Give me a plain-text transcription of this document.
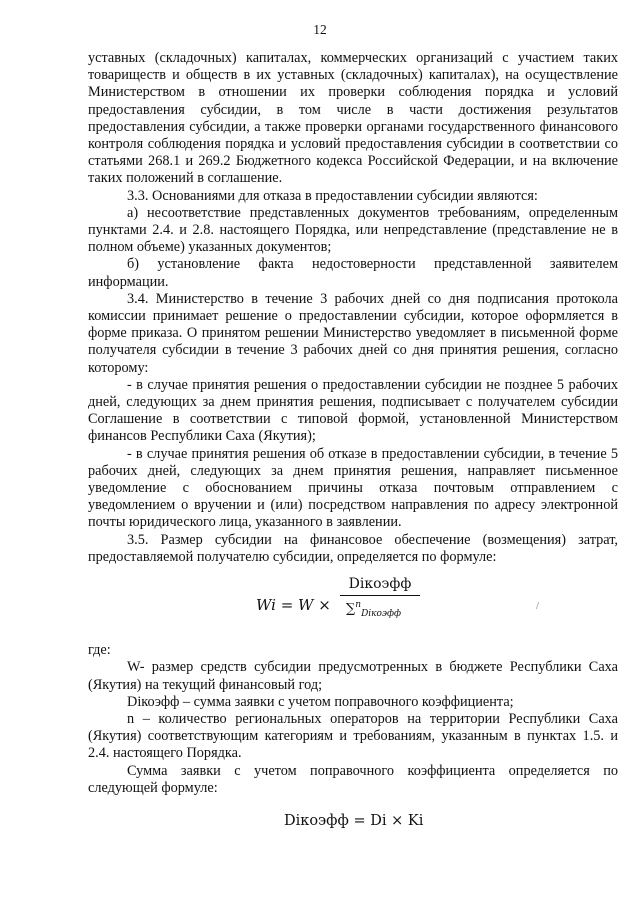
12

уставных (складочных) капиталах, коммерческих организаций с участием таких товариществ и обществ в их уставных (складочных) капиталах), на осуществление Министерством в отношении их проверки соблюдения порядка и условий предоставления субсидии, в том числе в части достижения результатов предоставления субсидии, а также проверки органами государственного финансового контроля соблюдения порядка и условий предоставления субсидии в соответствии со статьями 268.1 и 269.2 Бюджетного кодекса Российской Федерации, и на включение таких положений в соглашение.

3.3. Основаниями для отказа в предоставлении субсидии являются:

а) несоответствие представленных документов требованиям, определенным пунктами 2.4. и 2.8. настоящего Порядка, или непредставление (представление не в полном объеме) указанных документов;

б) установление факта недостоверности представленной заявителем информации.

3.4. Министерство в течение 3 рабочих дней со дня подписания протокола комиссии принимает решение о предоставлении субсидии, которое оформляется в форме приказа. О принятом решении Министерство уведомляет в письменной форме получателя субсидии в течение 3 рабочих дней со дня принятия решения, согласно которому:

- в случае принятия решения о предоставлении субсидии не позднее 5 рабочих дней, следующих за днем принятия решения, подписывает с получателем субсидии Соглашение в соответствии с типовой формой, установленной Министерством финансов Республики Саха (Якутия);

- в случае принятия решения об отказе в предоставлении субсидии, в течение 5 рабочих дней, следующих за днем принятия решения, направляет письменное уведомление с обоснованием причины отказа почтовым отправлением с уведомлением о вручении и (или) посредством направления по адресу электронной почты юридического лица, указанного в заявлении.

3.5. Размер субсидии на финансовое обеспечение (возмещения) затрат, предоставляемой получателю субсидии, определяется по формуле:

Wi = W ×
Dікоэфф
∑$^n_{Dікоэфф}$
/

где:

W- размер средств субсидии предусмотренных в бюджете Республики Саха (Якутия) на текущий финансовый год;

Dікоэфф – сумма заявки с учетом поправочного коэффициента;

n – количество региональных операторов на территории Республики Саха (Якутия) соответствующим категориям и требованиям, указанным в пунктах 1.5. и 2.4. настоящего Порядка.

Сумма заявки с учетом поправочного коэффициента определяется по следующей формуле:

Dікоэфф = Di × Ki
